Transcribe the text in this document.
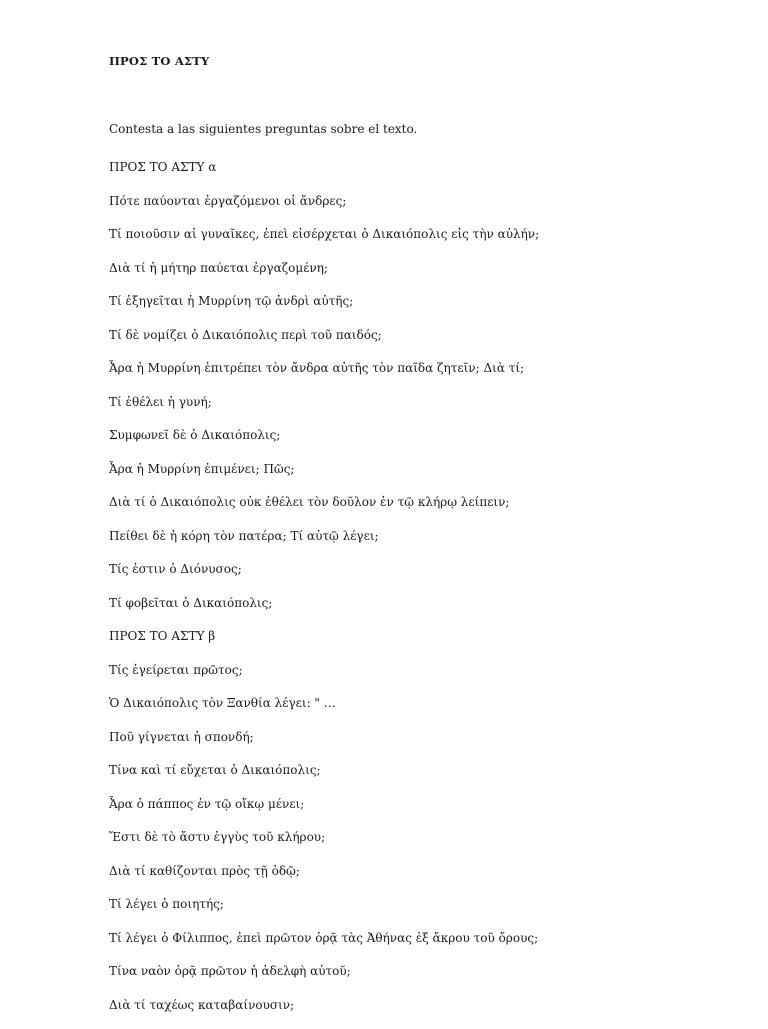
ΠΡΟΣ ΤΟ ΑΣΤΥ

Contesta a las siguientes preguntas sobre el texto.

ΠΡΟΣ ΤΟ ΑΣΤΥ α
Πότε παύονται ἐργαζόμενοι οἱ ἄνδρες;
Τί ποιοῦσιν αἱ γυναῖκες, ἐπεὶ εἰσέρχεται ὁ Δικαιόπολις εἰς τὴν αὐλήν;
Διὰ τί ἡ μήτηρ παύεται ἐργαζομένη;
Τί ἐξηγεῖται ἡ Μυρρίνη τῷ ἀνδρὶ αὐτῆς;
Τί δὲ νομίζει ὁ Δικαιόπολις περὶ τοῦ παιδός;
Ἆρα ἡ Μυρρίνη ἐπιτρέπει τὸν ἄνδρα αὐτῆς τὸν παῖδα ζητεῖν; Διὰ τί;
Τί ἐθέλει ἡ γυνή;
Συμφωνεῖ δὲ ὁ Δικαιόπολις;
Ἆρα ἡ Μυρρίνη ἐπιμένει; Πῶς;
Διὰ τί ὁ Δικαιόπολις οὐκ ἐθέλει τὸν δοῦλον ἐν τῷ κλήρῳ λείπειν;
Πείθει δὲ ἡ κόρη τὸν πατέρα; Τί αὐτῷ λέγει;
Τίς ἐστιν ὁ Διόνυσος;
Τί φοβεῖται ὁ Δικαιόπολις;
ΠΡΟΣ ΤΟ ΑΣΤΥ β
Τίς ἐγείρεται πρῶτος;
Ὁ Δικαιόπολις τὸν Ξανθία λέγει: " …
Ποῦ γίγνεται ἡ σπονδή;
Τίνα καὶ τί εὔχεται ὁ Δικαιόπολις;
Ἆρα ὁ πάππος ἐν τῷ οἴκῳ μένει;
Ἔστι δὲ τὸ ἄστυ ἐγγὺς τοῦ κλήρου;
Διὰ τί καθίζονται πρὸς τῇ ὁδῷ;
Τί λέγει ὁ ποιητής;
Τί λέγει ὁ Φίλιππος, ἐπεὶ πρῶτον ὁρᾷ τὰς Ἀθήνας ἐξ ἄκρου τοῦ ὄρους;
Τίνα ναὸν ὁρᾷ πρῶτον ἡ ἀδελφὴ αὐτοῦ;
Διὰ τί ταχέως καταβαίνουσιν;
